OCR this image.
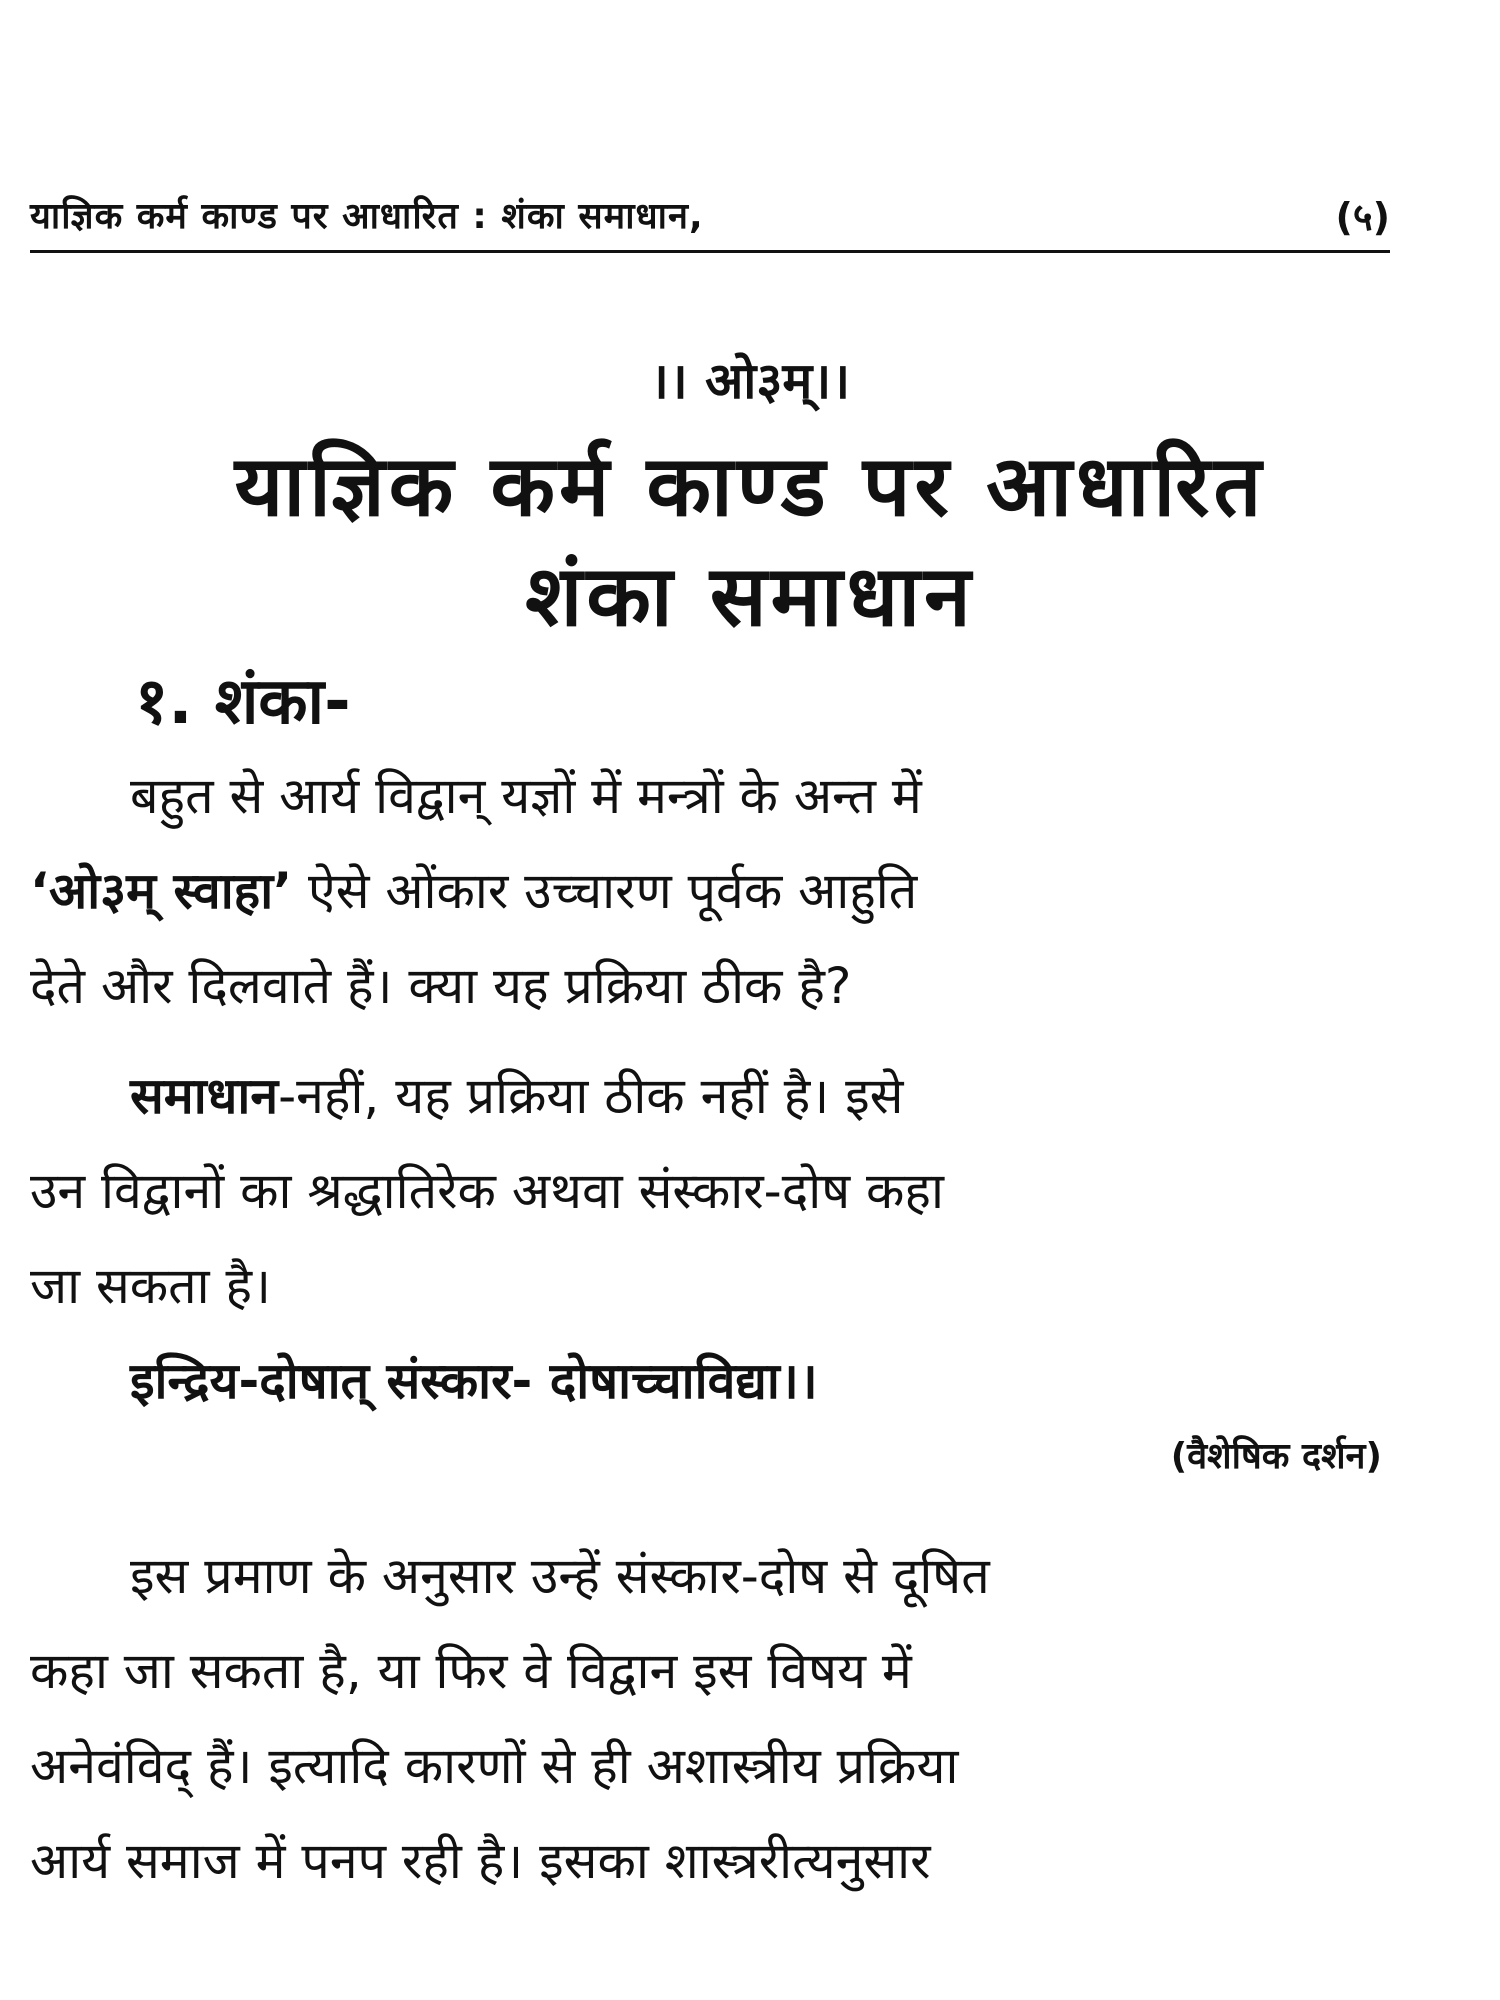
याज्ञिक कर्म काण्ड पर आधारित : शंका समाधान,	(५)
।। ओ३म्।।
याज्ञिक कर्म काण्ड पर आधारित
शंका समाधान
१. शंका-
बहुत से आर्य विद्वान् यज्ञों में मन्त्रों के अन्त में
‘ओ३म् स्वाहा’ ऐसे ओंकार उच्चारण पूर्वक आहुति
देते और दिलवाते हैं। क्या यह प्रक्रिया ठीक है?
समाधान-नहीं, यह प्रक्रिया ठीक नहीं है। इसे
उन विद्वानों का श्रद्धातिरेक अथवा संस्कार-दोष कहा
जा सकता है।
इन्द्रिय-दोषात् संस्कार- दोषाच्चाविद्या।।
(वैशेषिक दर्शन)
इस प्रमाण के अनुसार उन्हें संस्कार-दोष से दूषित
कहा जा सकता है, या फिर वे विद्वान इस विषय में
अनेवंविद् हैं। इत्यादि कारणों से ही अशास्त्रीय प्रक्रिया
आर्य समाज में पनप रही है। इसका शास्त्ररीत्यनुसार
